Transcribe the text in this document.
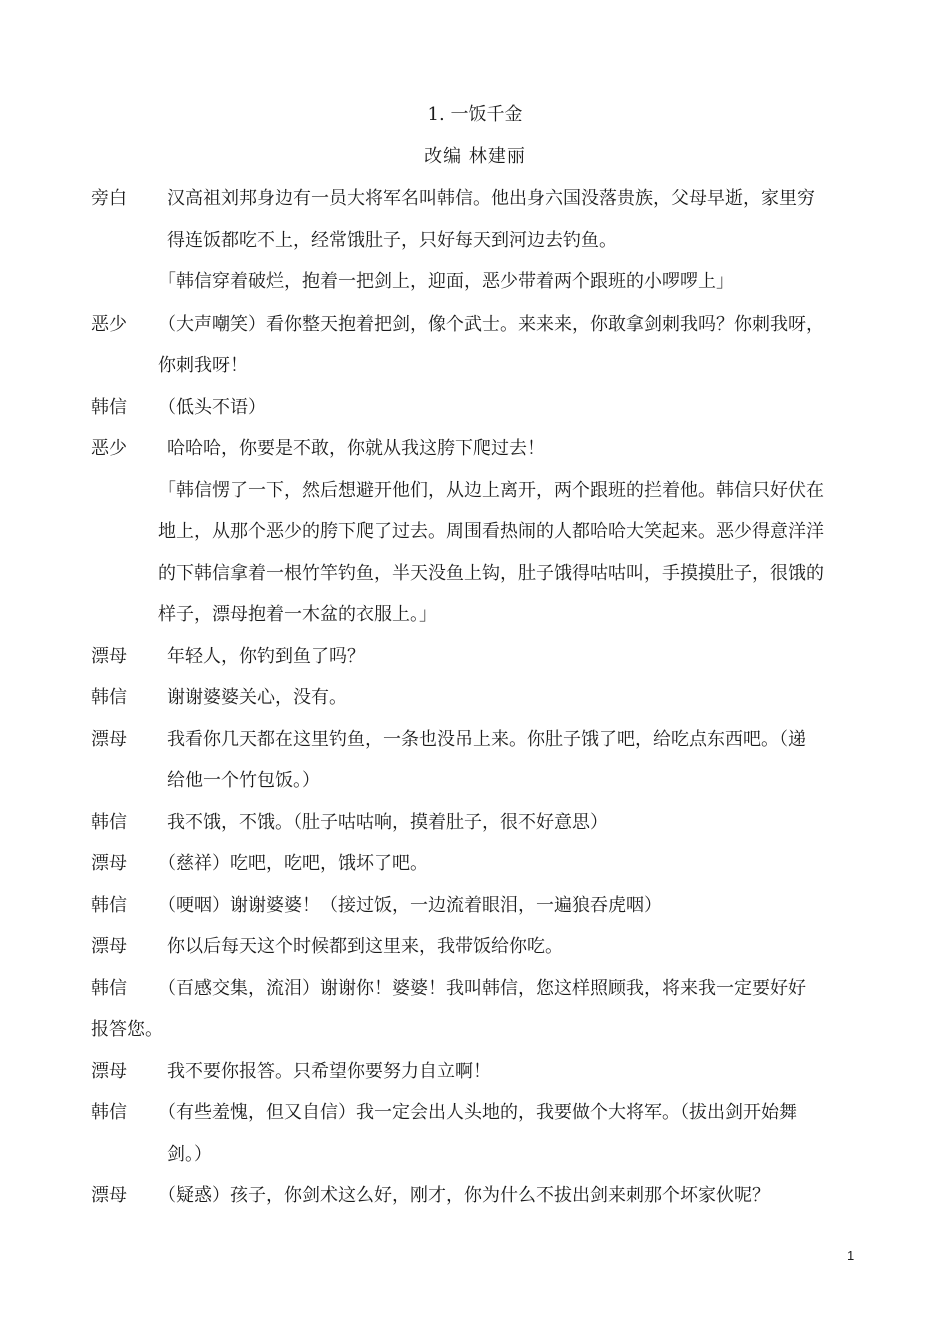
1. 一饭千金
改编 林建丽
旁白 汉高祖刘邦身边有一员大将军名叫韩信。他出身六国没落贵族，父母早逝，家里穷
得连饭都吃不上，经常饿肚子，只好每天到河边去钓鱼。
「韩信穿着破烂，抱着一把剑上，迎面，恶少带着两个跟班的小啰啰上」
恶少 （大声嘲笑）看你整天抱着把剑，像个武士。来来来，你敢拿剑刺我吗？你刺我呀，
你刺我呀！
韩信 （低头不语）
恶少 哈哈哈，你要是不敢，你就从我这胯下爬过去！
「韩信愣了一下，然后想避开他们，从边上离开，两个跟班的拦着他。韩信只好伏在
地上，从那个恶少的胯下爬了过去。周围看热闹的人都哈哈大笑起来。恶少得意洋洋
的下韩信拿着一根竹竿钓鱼，半天没鱼上钩，肚子饿得咕咕叫，手摸摸肚子，很饿的
样子，漂母抱着一木盆的衣服上。」
漂母 年轻人，你钓到鱼了吗？
韩信 谢谢婆婆关心，没有。
漂母 我看你几天都在这里钓鱼，一条也没吊上来。你肚子饿了吧，给吃点东西吧。（递
给他一个竹包饭。）
韩信 我不饿，不饿。（肚子咕咕响，摸着肚子，很不好意思）
漂母 （慈祥）吃吧，吃吧，饿坏了吧。
韩信 （哽咽）谢谢婆婆！（接过饭，一边流着眼泪，一遍狼吞虎咽）
漂母 你以后每天这个时候都到这里来，我带饭给你吃。
韩信 （百感交集，流泪）谢谢你！婆婆！我叫韩信，您这样照顾我，将来我一定要好好
报答您。
漂母 我不要你报答。只希望你要努力自立啊！
韩信 （有些羞愧，但又自信）我一定会出人头地的，我要做个大将军。（拔出剑开始舞
剑。）
漂母 （疑惑）孩子，你剑术这么好，刚才，你为什么不拔出剑来刺那个坏家伙呢？
1
